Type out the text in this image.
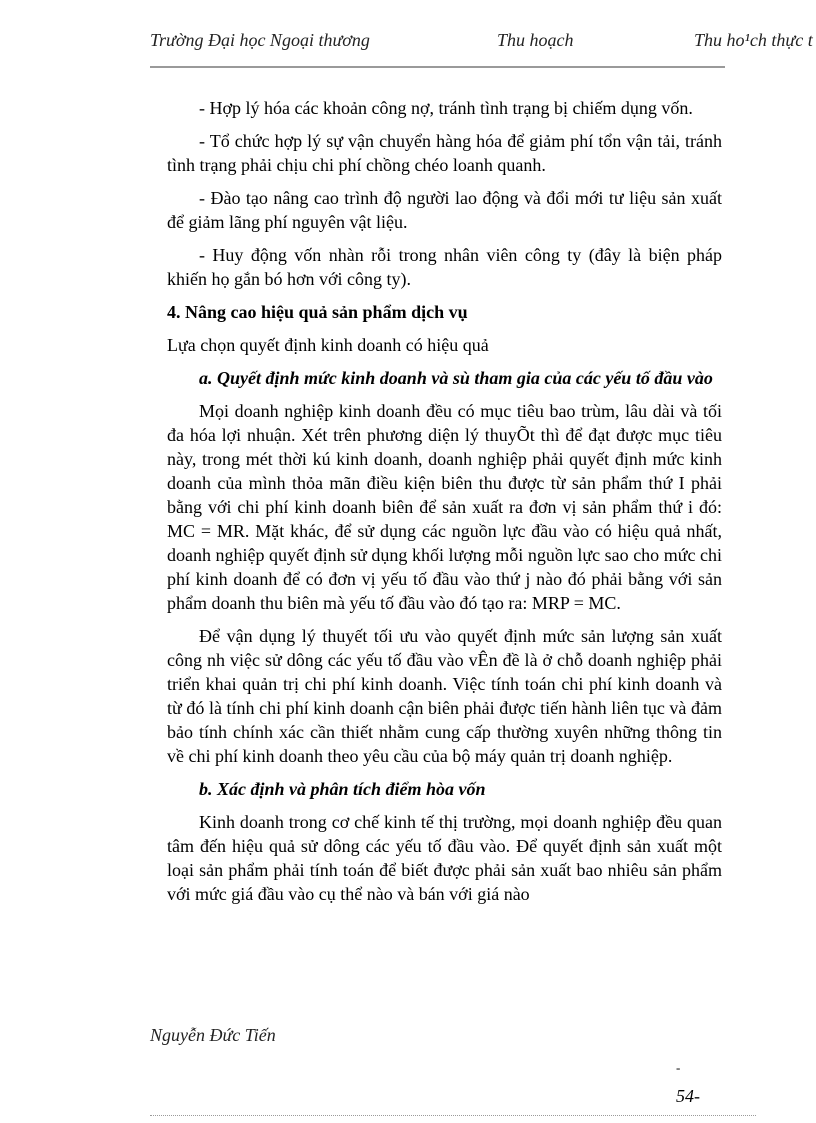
Trường Đại học Ngoại thương	Thu hoạch	Thu ho¹ch thực t

- Hợp lý hóa các khoản công nợ, tránh tình trạng bị chiếm dụng vốn.

- Tổ chức hợp lý sự vận chuyển hàng hóa để giảm phí tổn vận tải, tránh tình trạng phải chịu chi phí chồng chéo loanh quanh.

- Đào tạo nâng cao trình độ người lao động và đổi mới tư liệu sản xuất để giảm lãng phí nguyên vật liệu.

- Huy động vốn nhàn rỗi trong nhân viên công ty (đây là biện pháp khiến họ gắn bó hơn với công ty).

4. Nâng cao hiệu quả sản phẩm dịch vụ

Lựa chọn quyết định kinh doanh có hiệu quả

a. Quyết định mức kinh doanh và sù tham gia của các yếu tố đầu vào

Mọi doanh nghiệp kinh doanh đều có mục tiêu bao trùm, lâu dài và tối đa hóa lợi nhuận. Xét trên phương diện lý thuyÕt thì để đạt được mục tiêu này, trong mét thời kú kinh doanh, doanh nghiệp phải quyết định mức kinh doanh của mình thỏa mãn điều kiện biên thu được từ sản phẩm thứ I phải bằng với chi phí kinh doanh biên để sản xuất ra đơn vị sản phẩm thứ i đó: MC = MR. Mặt khác, để sử dụng các nguồn lực đầu vào có hiệu quả nhất, doanh nghiệp quyết định sử dụng khối lượng mỗi nguồn lực sao cho mức chi phí kinh doanh để có đơn vị yếu tố đầu vào thứ j nào đó phải bằng với sản phẩm doanh thu biên mà yếu tố đầu vào đó tạo ra: MRP = MC.

Để vận dụng lý thuyết tối ưu vào quyết định mức sản lượng sản xuất công nh việc sử dông các yếu tố đầu vào vÊn đề là ở chỗ doanh nghiệp phải triển khai quản trị chi phí kinh doanh. Việc tính toán chi phí kinh doanh và từ đó là tính chi phí kinh doanh cận biên phải được tiến hành liên tục và đảm bảo tính chính xác cần thiết nhằm cung cấp thường xuyên những thông tin về chi phí kinh doanh theo yêu cầu của bộ máy quản trị doanh nghiệp.

b. Xác định và phân tích điểm hòa vốn

Kinh doanh trong cơ chế kinh tế thị trường, mọi doanh nghiệp đều quan tâm đến hiệu quả sử dông các yếu tố đầu vào. Để quyết định sản xuất một loại sản phẩm phải tính toán để biết được phải sản xuất bao nhiêu sản phẩm với mức giá đầu vào cụ thể nào và bán với giá nào

Nguyễn Đức Tiến
-
54-
